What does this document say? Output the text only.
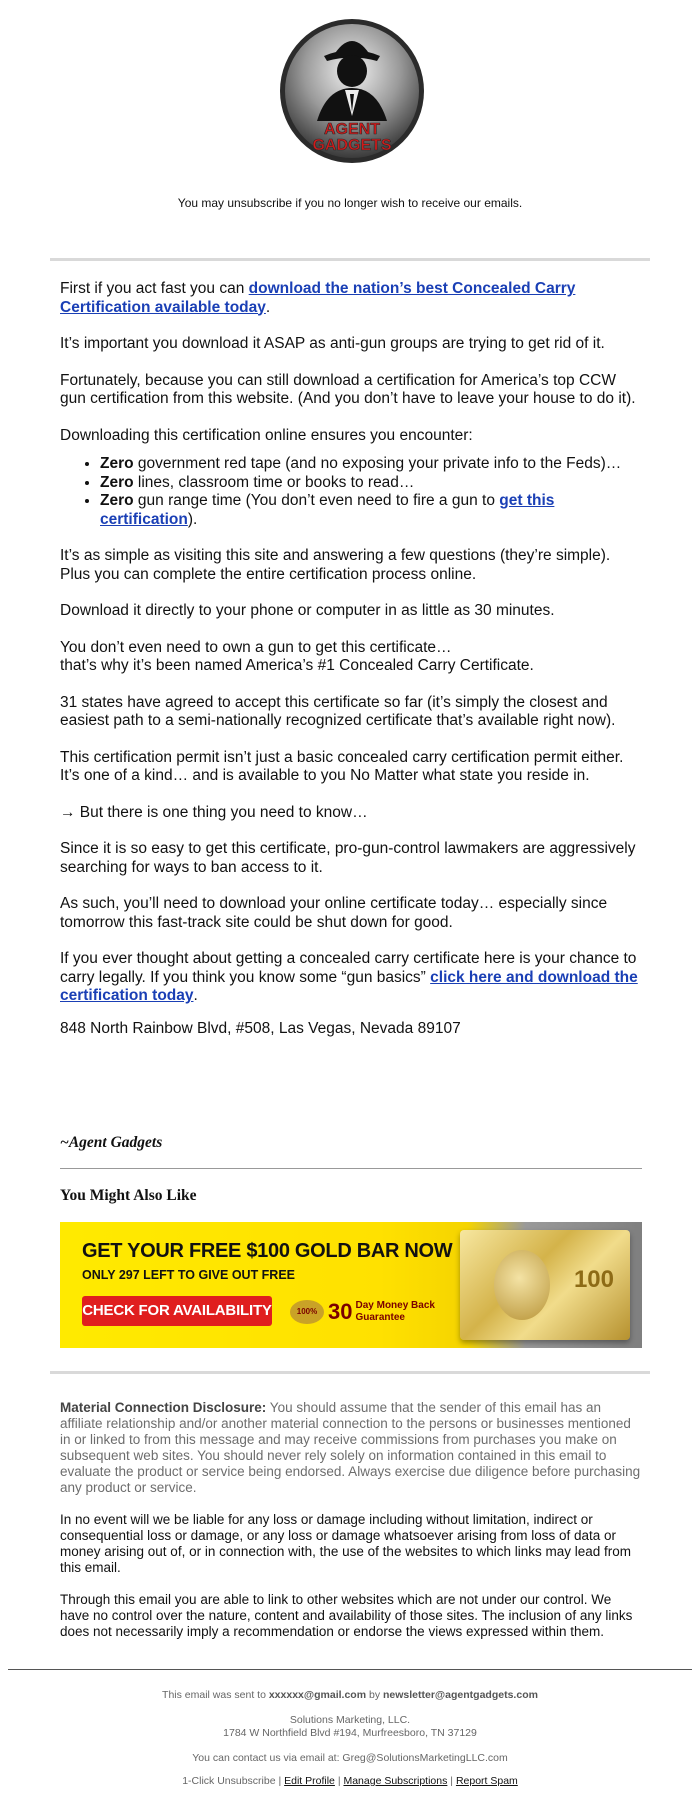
AGENT
GADGETS
You may unsubscribe if you no longer wish to receive our emails.

First if you act fast you can download the nation’s best Concealed Carry Certification available today.

It’s important you download it ASAP as anti-gun groups are trying to get rid of it.

Fortunately, because you can still download a certification for America’s top CCW gun certification from this website. (And you don’t have to leave your house to do it).

Downloading this certification online ensures you encounter:

• Zero government red tape (and no exposing your private info to the Feds)…
• Zero lines, classroom time or books to read…
• Zero gun range time (You don’t even need to fire a gun to get this certification).

It’s as simple as visiting this site and answering a few questions (they’re simple). Plus you can complete the entire certification process online.

Download it directly to your phone or computer in as little as 30 minutes.

You don’t even need to own a gun to get this certificate…
that’s why it’s been named America’s #1 Concealed Carry Certificate.

31 states have agreed to accept this certificate so far (it’s simply the closest and easiest path to a semi-nationally recognized certificate that’s available right now).

This certification permit isn’t just a basic concealed carry certification permit either. It’s one of a kind… and is available to you No Matter what state you reside in.

→ But there is one thing you need to know…

Since it is so easy to get this certificate, pro-gun-control lawmakers are aggressively searching for ways to ban access to it.

As such, you’ll need to download your online certificate today… especially since tomorrow this fast-track site could be shut down for good.

If you ever thought about getting a concealed carry certificate here is your chance to carry legally. If you think you know some “gun basics” click here and download the certification today.

848 North Rainbow Blvd, #508, Las Vegas, Nevada 89107

~Agent Gadgets
You Might Also Like
GET YOUR FREE $100 GOLD BAR NOW
ONLY 297 LEFT TO GIVE OUT FREE
CHECK FOR AVAILABILITY	100% 30 Day Money Back
Guarantee
100

Material Connection Disclosure: You should assume that the sender of this email has an affiliate relationship and/or another material connection to the persons or businesses mentioned in or linked to from this message and may receive commissions from purchases you make on subsequent web sites. You should never rely solely on information contained in this email to evaluate the product or service being endorsed. Always exercise due diligence before purchasing any product or service.

In no event will we be liable for any loss or damage including without limitation, indirect or consequential loss or damage, or any loss or damage whatsoever arising from loss of data or money arising out of, or in connection with, the use of the websites to which links may lead from this email.

Through this email you are able to link to other websites which are not under our control. We have no control over the nature, content and availability of those sites. The inclusion of any links does not necessarily imply a recommendation or endorse the views expressed within them.

This email was sent to xxxxxx@gmail.com by newsletter@agentgadgets.com
Solutions Marketing, LLC.
1784 W Northfield Blvd #194, Murfreesboro, TN 37129
You can contact us via email at: Greg@SolutionsMarketingLLC.com
1-Click Unsubscribe | Edit Profile | Manage Subscriptions | Report Spam
